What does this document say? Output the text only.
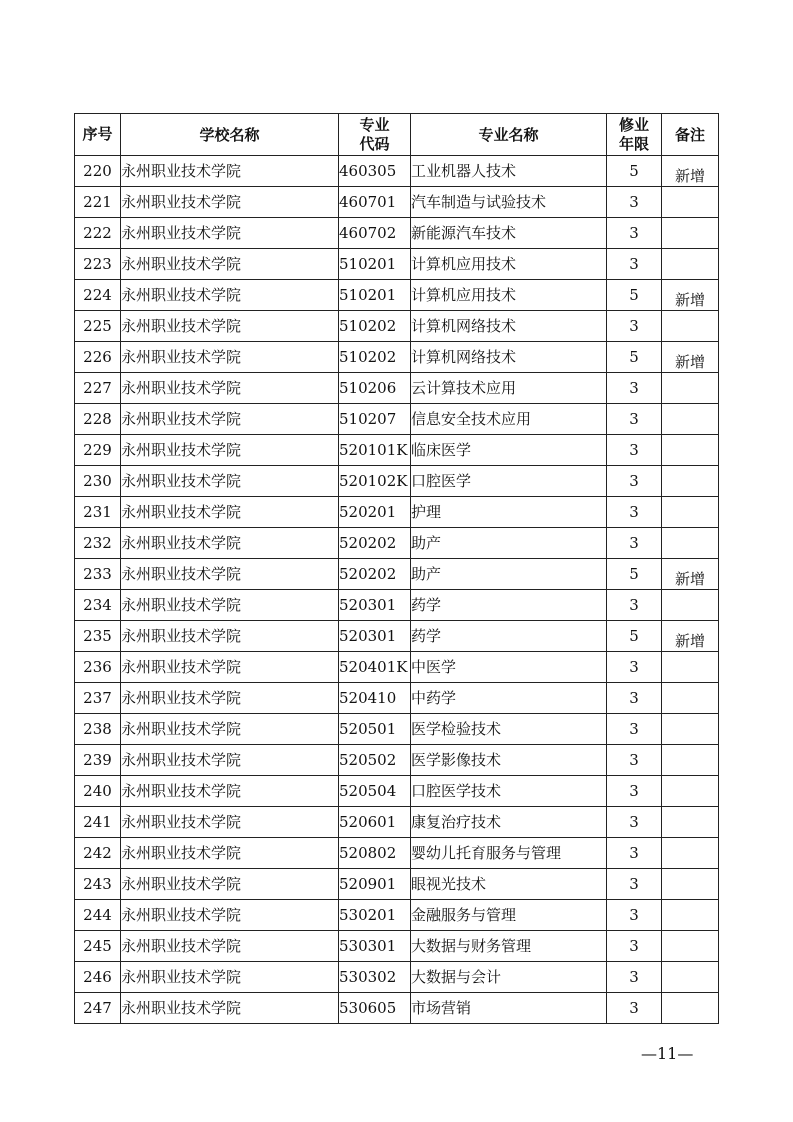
序号	学校名称	专业代码	专业名称	修业年限	备注
220	永州职业技术学院	460305	工业机器人技术	5	新增

221	永州职业技术学院	460701	汽车制造与试验技术	3	

222	永州职业技术学院	460702	新能源汽车技术	3	

223	永州职业技术学院	510201	计算机应用技术	3	

224	永州职业技术学院	510201	计算机应用技术	5	新增

225	永州职业技术学院	510202	计算机网络技术	3	

226	永州职业技术学院	510202	计算机网络技术	5	新增

227	永州职业技术学院	510206	云计算技术应用	3	

228	永州职业技术学院	510207	信息安全技术应用	3	

229	永州职业技术学院	520101K	临床医学	3	

230	永州职业技术学院	520102K	口腔医学	3	

231	永州职业技术学院	520201	护理	3	

232	永州职业技术学院	520202	助产	3	

233	永州职业技术学院	520202	助产	5	新增

234	永州职业技术学院	520301	药学	3	

235	永州职业技术学院	520301	药学	5	新增

236	永州职业技术学院	520401K	中医学	3	

237	永州职业技术学院	520410	中药学	3	

238	永州职业技术学院	520501	医学检验技术	3	

239	永州职业技术学院	520502	医学影像技术	3	

240	永州职业技术学院	520504	口腔医学技术	3	

241	永州职业技术学院	520601	康复治疗技术	3	

242	永州职业技术学院	520802	婴幼儿托育服务与管理	3	

243	永州职业技术学院	520901	眼视光技术	3	

244	永州职业技术学院	530201	金融服务与管理	3	

245	永州职业技术学院	530301	大数据与财务管理	3	

246	永州职业技术学院	530302	大数据与会计	3	

247	永州职业技术学院	530605	市场营销	3	
—11—
